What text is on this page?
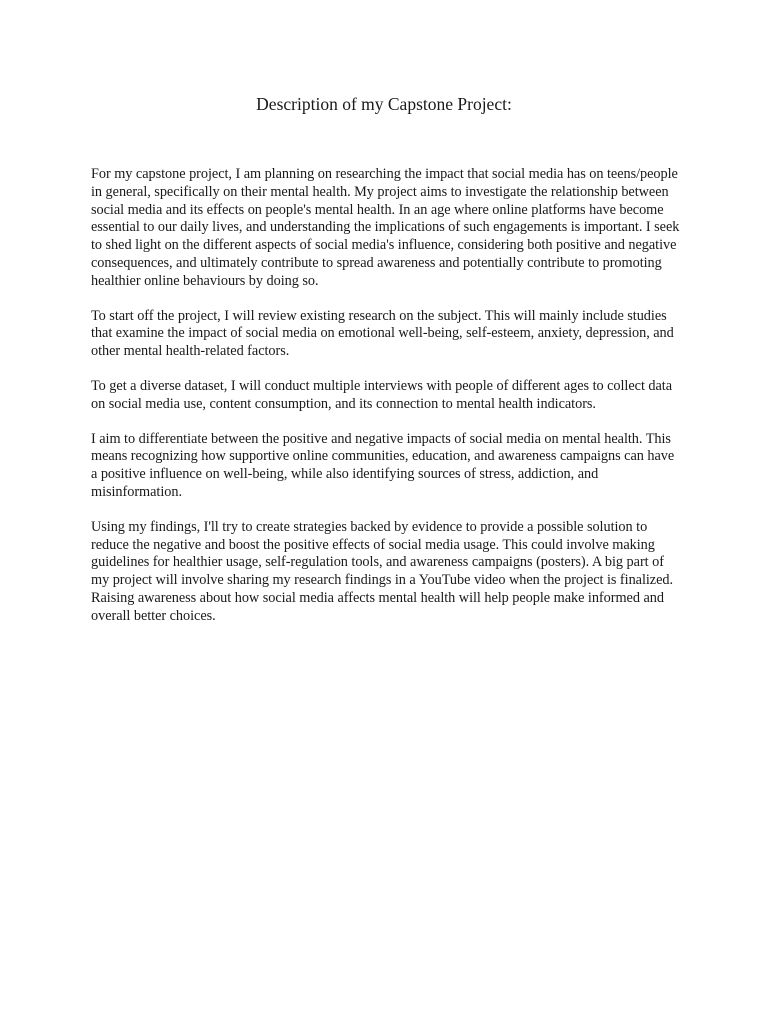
Description of my Capstone Project:

For my capstone project, I am planning on researching the impact that social media has on teens/people in general, specifically on their mental health. My project aims to investigate the relationship between social media and its effects on people's mental health. In an age where online platforms have become essential to our daily lives, and understanding the implications of such engagements is important. I seek to shed light on the different aspects of social media's influence, considering both positive and negative consequences, and ultimately contribute to spread awareness and potentially contribute to promoting healthier online behaviours by doing so.

To start off the project, I will review existing research on the subject. This will mainly include studies that examine the impact of social media on emotional well-being, self-esteem, anxiety, depression, and other mental health-related factors.

To get a diverse dataset, I will conduct multiple interviews with people of different ages to collect data on social media use, content consumption, and its connection to mental health indicators.

I aim to differentiate between the positive and negative impacts of social media on mental health. This means recognizing how supportive online communities, education, and awareness campaigns can have a positive influence on well-being, while also identifying sources of stress, addiction, and misinformation.

Using my findings, I'll try to create strategies backed by evidence to provide a possible solution to reduce the negative and boost the positive effects of social media usage. This could involve making guidelines for healthier usage, self-regulation tools, and awareness campaigns (posters). A big part of my project will involve sharing my research findings in a YouTube video when the project is finalized. Raising awareness about how social media affects mental health will help people make informed and overall better choices.
